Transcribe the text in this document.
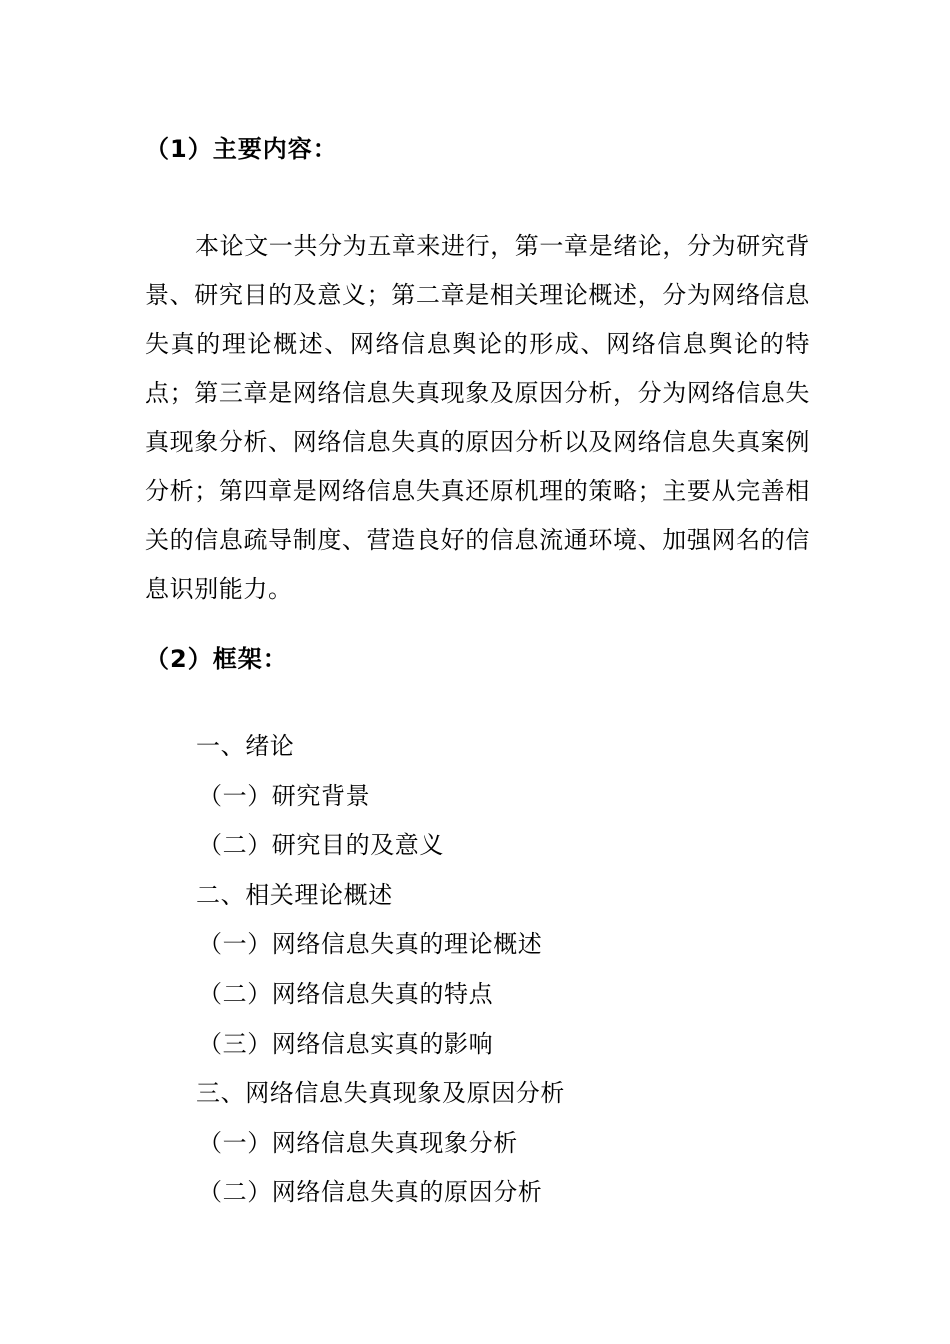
（1）主要内容：

本论文一共分为五章来进行，第一章是绪论，分为研究背景、研究目的及意义；第二章是相关理论概述，分为网络信息失真的理论概述、网络信息舆论的形成、网络信息舆论的特点；第三章是网络信息失真现象及原因分析，分为网络信息失真现象分析、网络信息失真的原因分析以及网络信息失真案例分析；第四章是网络信息失真还原机理的策略；主要从完善相关的信息疏导制度、营造良好的信息流通环境、加强网名的信息识别能力。

（2）框架：
一、绪论
（一）研究背景
（二）研究目的及意义
二、相关理论概述
（一）网络信息失真的理论概述
（二）网络信息失真的特点
（三）网络信息实真的影响
三、网络信息失真现象及原因分析
（一）网络信息失真现象分析
（二）网络信息失真的原因分析
